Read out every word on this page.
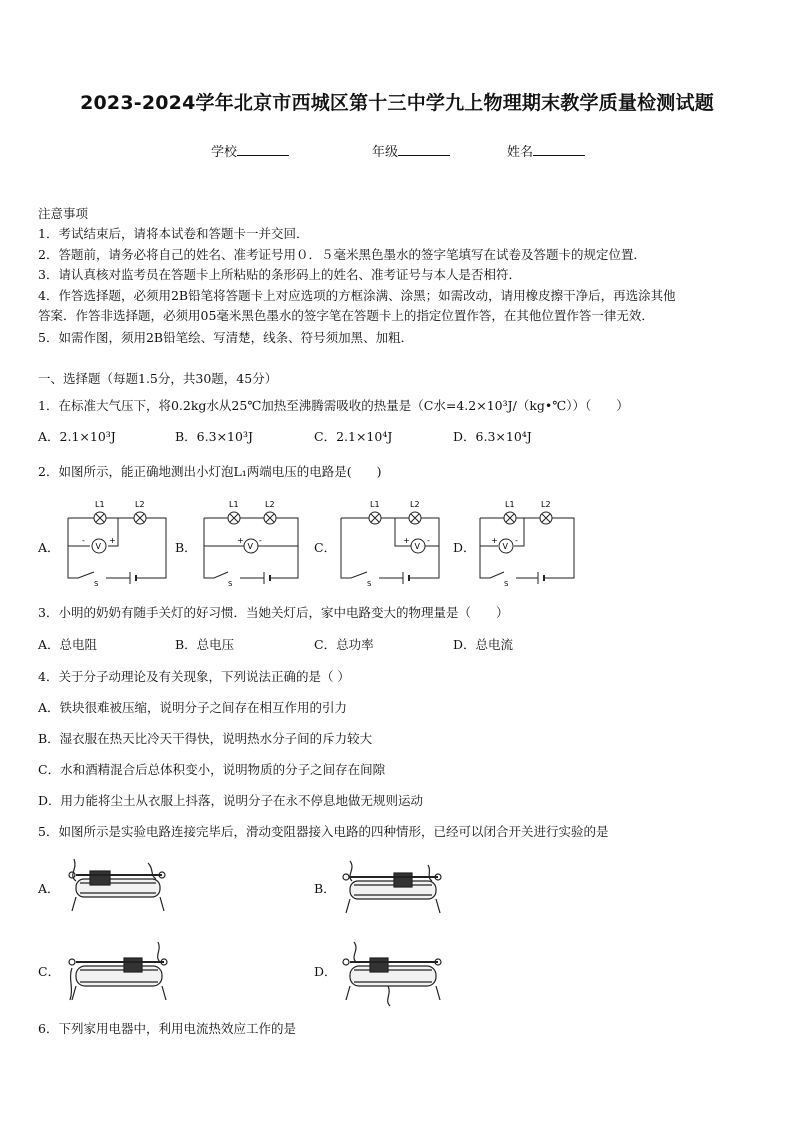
2023-2024学年北京市西城区第十三中学九上物理期末教学质量检测试题
学校	年级	姓名
注意事项
1．考试结束后，请将本试卷和答题卡一并交回．
2．答题前，请务必将自己的姓名、准考证号用０．５毫米黑色墨水的签字笔填写在试卷及答题卡的规定位置．
3．请认真核对监考员在答题卡上所粘贴的条形码上的姓名、准考证号与本人是否相符．
4．作答选择题，必须用2B铅笔将答题卡上对应选项的方框涂满、涂黑；如需改动，请用橡皮擦干净后，再选涂其他
答案．作答非选择题，必须用05毫米黑色墨水的签字笔在答题卡上的指定位置作答，在其他位置作答一律无效．
5．如需作图，须用2B铅笔绘、写清楚，线条、符号须加黑、加粗．
一、选择题（每题1.5分，共30题，45分）
1．在标准大气压下，将0.2kg水从25℃加热至沸腾需吸收的热量是（C水=4.2×10³J/（kg•℃））（　　）
A．2.1×10³J	B．6.3×10³J	C．2.1×10⁴J	D．6.3×10⁴J
2．如图所示，能正确地测出小灯泡L₁两端电压的电路是(　　)
A．	B．	C．	D．
L1	L2
V
-	+
S
L1	L2
V
+ -
S
L1	L2
V
+ -
S
L1	L2
V
+ -
S
3．小明的奶奶有随手关灯的好习惯．当她关灯后，家中电路变大的物理量是（　　）
A．总电阻	B．总电压	C．总功率	D．总电流
4．关于分子动理论及有关现象，下列说法正确的是（ ）
A．铁块很难被压缩，说明分子之间存在相互作用的引力
B．湿衣服在热天比冷天干得快，说明热水分子间的斥力较大
C．水和酒精混合后总体积变小，说明物质的分子之间存在间隙
D．用力能将尘土从衣服上抖落，说明分子在永不停息地做无规则运动
5．如图所示是实验电路连接完毕后，滑动变阻器接入电路的四种情形，已经可以闭合开关进行实验的是
A．	B．
C．	D．
6．下列家用电器中，利用电流热效应工作的是
